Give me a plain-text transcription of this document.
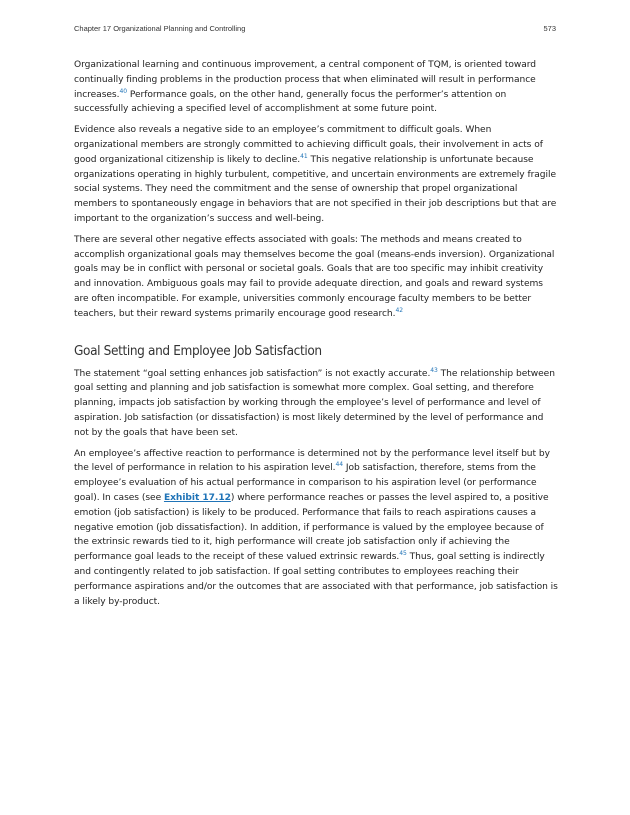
Chapter 17 Organizational Planning and Controlling	573

Organizational learning and continuous improvement, a central component of TQM, is oriented toward continually finding problems in the production process that when eliminated will result in performance increases.$^{40}$ Performance goals, on the other hand, generally focus the performer’s attention on successfully achieving a specified level of accomplishment at some future point.

Evidence also reveals a negative side to an employee’s commitment to difficult goals. When organizational members are strongly committed to achieving difficult goals, their involvement in acts of good organizational citizenship is likely to decline.$^{41}$ This negative relationship is unfortunate because organizations operating in highly turbulent, competitive, and uncertain environments are extremely fragile social systems. They need the commitment and the sense of ownership that propel organizational members to spontaneously engage in behaviors that are not specified in their job descriptions but that are important to the organization’s success and well-being.

There are several other negative effects associated with goals: The methods and means created to accomplish organizational goals may themselves become the goal (means-ends inversion). Organizational goals may be in conflict with personal or societal goals. Goals that are too specific may inhibit creativity and innovation. Ambiguous goals may fail to provide adequate direction, and goals and reward systems are often incompatible. For example, universities commonly encourage faculty members to be better teachers, but their reward systems primarily encourage good research.$^{42}$

Goal Setting and Employee Job Satisfaction

The statement “goal setting enhances job satisfaction” is not exactly accurate.$^{43}$ The relationship between goal setting and planning and job satisfaction is somewhat more complex. Goal setting, and therefore planning, impacts job satisfaction by working through the employee’s level of performance and level of aspiration. Job satisfaction (or dissatisfaction) is most likely determined by the level of performance and not by the goals that have been set.

An employee’s affective reaction to performance is determined not by the performance level itself but by the level of performance in relation to his aspiration level.$^{44}$ Job satisfaction, therefore, stems from the employee’s evaluation of his actual performance in comparison to his aspiration level (or performance goal). In cases (see Exhibit 17.12) where performance reaches or passes the level aspired to, a positive emotion (job satisfaction) is likely to be produced. Performance that fails to reach aspirations causes a negative emotion (job dissatisfaction). In addition, if performance is valued by the employee because of the extrinsic rewards tied to it, high performance will create job satisfaction only if achieving the performance goal leads to the receipt of these valued extrinsic rewards.$^{45}$ Thus, goal setting is indirectly and contingently related to job satisfaction. If goal setting contributes to employees reaching their performance aspirations and/or the outcomes that are associated with that performance, job satisfaction is a likely by-product.
